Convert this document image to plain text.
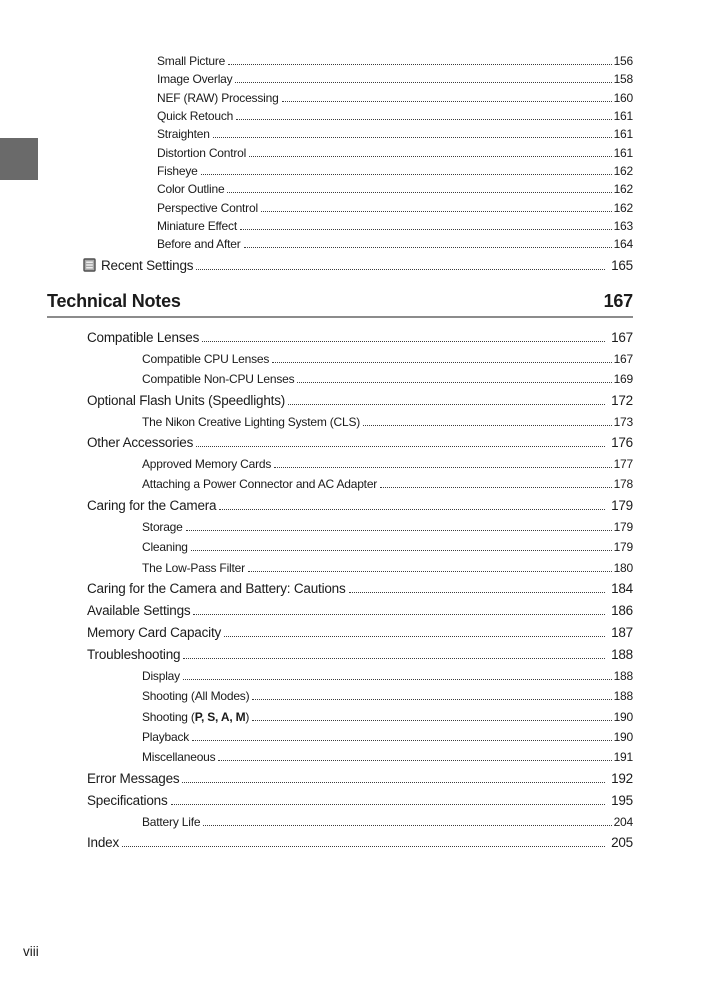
Small Picture	156
Image Overlay	158
NEF (RAW) Processing	160
Quick Retouch	161
Straighten	161
Distortion Control	161
Fisheye	162
Color Outline	162
Perspective Control	162
Miniature Effect	163
Before and After	164
Recent Settings	165
Technical Notes	167
Compatible Lenses	167
Compatible CPU Lenses	167
Compatible Non-CPU Lenses	169
Optional Flash Units (Speedlights)	172
The Nikon Creative Lighting System (CLS)	173
Other Accessories	176
Approved Memory Cards	177
Attaching a Power Connector and AC Adapter	178
Caring for the Camera	179
Storage	179
Cleaning	179
The Low-Pass Filter	180
Caring for the Camera and Battery: Cautions	184
Available Settings	186
Memory Card Capacity	187
Troubleshooting	188
Display	188
Shooting (All Modes)	188
Shooting (P, S, A, M)	190
Playback	190
Miscellaneous	191
Error Messages	192
Specifications	195
Battery Life	204
Index	205
viii
